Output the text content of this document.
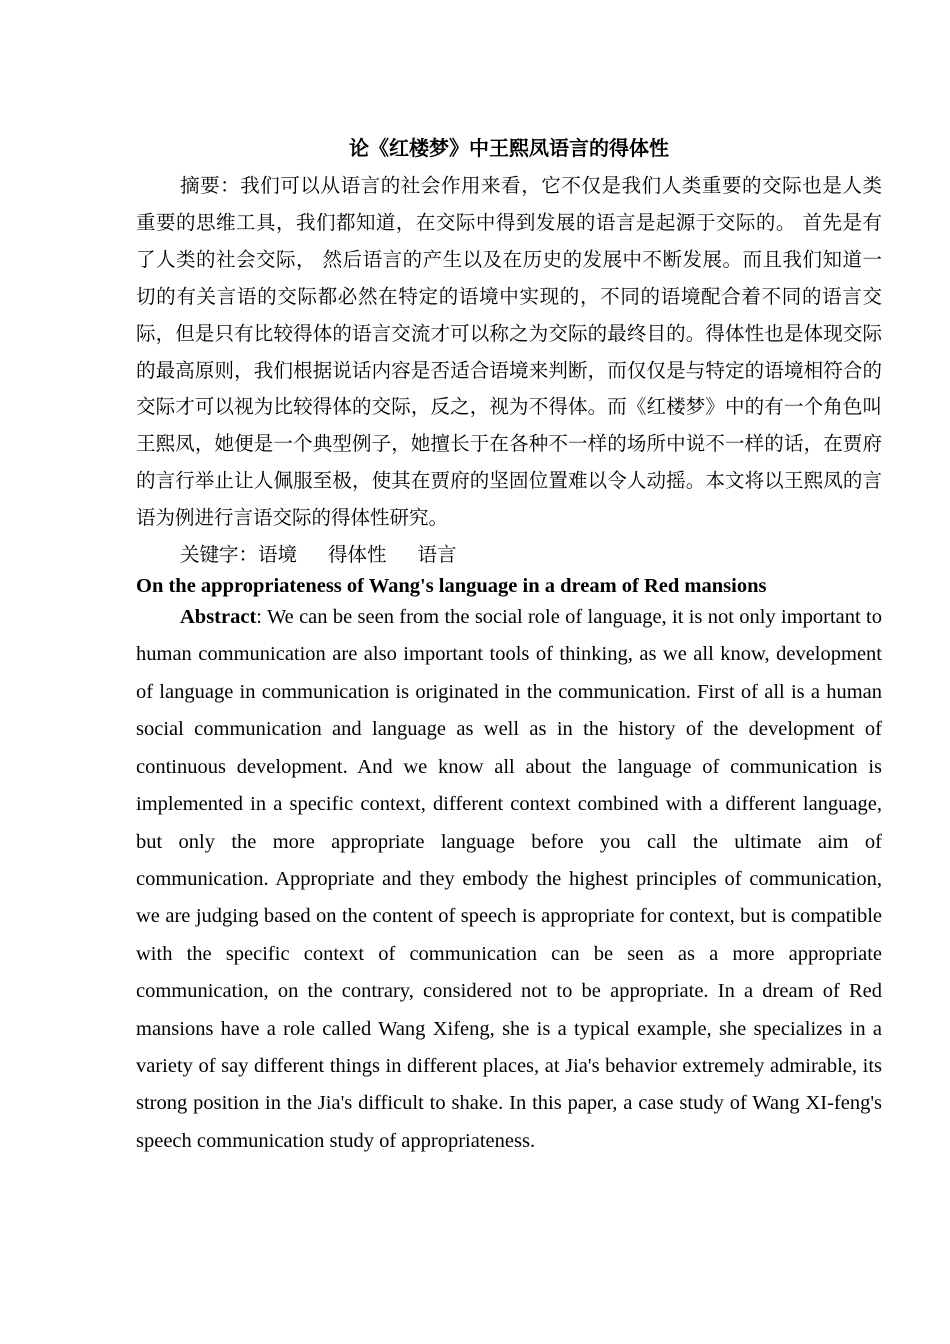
论《红楼梦》中王熙凤语言的得体性

摘要：我们可以从语言的社会作用来看，它不仅是我们人类重要的交际也是人类重要的思维工具，我们都知道，在交际中得到发展的语言是起源于交际的。 首先是有了人类的社会交际， 然后语言的产生以及在历史的发展中不断发展。而且我们知道一切的有关言语的交际都必然在特定的语境中实现的，不同的语境配合着不同的语言交际，但是只有比较得体的语言交流才可以称之为交际的最终目的。得体性也是体现交际的最高原则，我们根据说话内容是否适合语境来判断，而仅仅是与特定的语境相符合的交际才可以视为比较得体的交际，反之，视为不得体。而《红楼梦》中的有一个角色叫王熙凤，她便是一个典型例子，她擅长于在各种不一样的场所中说不一样的话，在贾府的言行举止让人佩服至极，使其在贾府的坚固位置难以令人动摇。本文将以王熙凤的言语为例进行言语交际的得体性研究。

关键字：语境     得体性     语言

On the appropriateness of Wang's language in a dream of Red mansions

Abstract: We can be seen from the social role of language, it is not only important to human communication are also important tools of thinking, as we all know, development of language in communication is originated in the communication. First of all is a human social communication and language as well as in the history of the development of continuous development. And we know all about the language of communication is implemented in a specific context, different context combined with a different language, but only the more appropriate language before you call the ultimate aim of communication. Appropriate and they embody the highest principles of communication, we are judging based on the content of speech is appropriate for context, but is compatible with the specific context of communication can be seen as a more appropriate communication, on the contrary, considered not to be appropriate. In a dream of Red mansions have a role called Wang Xifeng, she is a typical example, she specializes in a variety of say different things in different places, at Jia's behavior extremely admirable, its strong position in the Jia's difficult to shake. In this paper, a case study of Wang XI-feng's speech communication study of appropriateness.
